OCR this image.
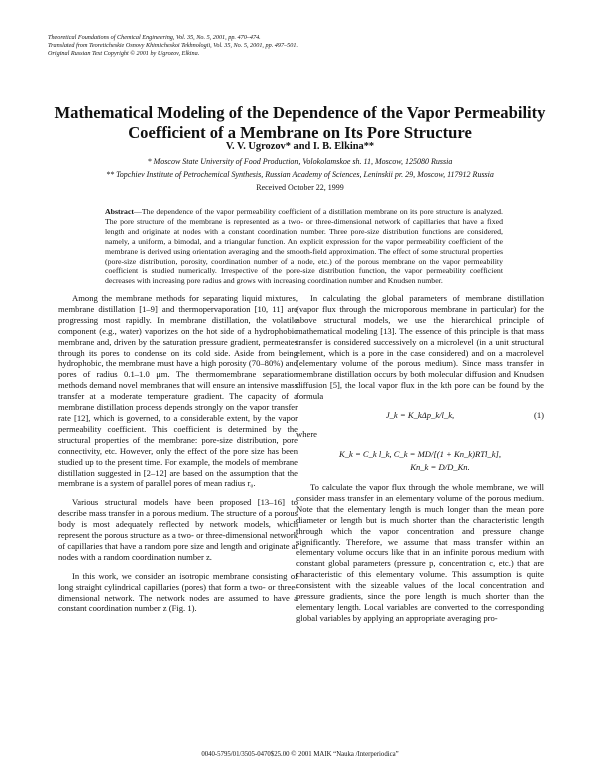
Theoretical Foundations of Chemical Engineering, Vol. 35, No. 5, 2001, pp. 470–474.
Translated from Teoreticheskie Osnovy Khimicheskoi Tekhnologii, Vol. 35, No. 5, 2001, pp. 497–501.
Original Russian Text Copyright © 2001 by Ugrozov, Elkina.
Mathematical Modeling of the Dependence of the Vapor Permeability Coefficient of a Membrane on Its Pore Structure
V. V. Ugrozov* and I. B. Elkina**
* Moscow State University of Food Production, Volokolamskoe sh. 11, Moscow, 125080 Russia
** Topchiev Institute of Petrochemical Synthesis, Russian Academy of Sciences, Leninskii pr. 29, Moscow, 117912 Russia
Received October 22, 1999
Abstract—The dependence of the vapor permeability coefficient of a distillation membrane on its pore structure is analyzed. The pore structure of the membrane is represented as a two- or three-dimensional network of capillaries that have a fixed length and originate at nodes with a constant coordination number. Three pore-size distribution functions are considered, namely, a uniform, a bimodal, and a triangular function. An explicit expression for the vapor permeability coefficient of the membrane is derived using orientation averaging and the smooth-field approximation. The effect of some structural properties (pore-size distribution, porosity, coordination number of a node, etc.) of the porous membrane on the vapor permeability coefficient is studied numerically. Irrespective of the pore-size distribution function, the vapor permeability coefficient decreases with increasing pore radius and grows with increasing coordination number and Knudsen number.

Among the membrane methods for separating liquid mixtures, membrane distillation [1–9] and thermopervaporation [10, 11] are progressing most rapidly. In membrane distillation, the volatile component (e.g., water) vaporizes on the hot side of a hydrophobic membrane and, driven by the saturation pressure gradient, permeates through its pores to condense on its cold side. Aside from being hydrophobic, the membrane must have a high porosity (70–80%) and pores of radius 0.1–1.0 μm. The thermomembrane separation methods demand novel membranes that will ensure an intensive mass transfer at a moderate temperature gradient. The capacity of a membrane distillation process depends strongly on the vapor transfer rate [12], which is governed, to a considerable extent, by the vapor permeability coefficient. This coefficient is determined by the structural properties of the membrane: pore-size distribution, pore connectivity, etc. However, only the effect of the pore size has been studied up to the present time. For example, the models of membrane distillation suggested in [2–12] are based on the assumption that the membrane is a system of parallel pores of mean radius r₀.

Various structural models have been proposed [13–16] to describe mass transfer in a porous medium. The structure of a porous body is most adequately reflected by network models, which represent the porous structure as a two- or three-dimensional network of capillaries that have a random pore size and length and originate at nodes with a random coordination number z.

In this work, we consider an isotropic membrane consisting of long straight cylindrical capillaries (pores) that form a two- or three-dimensional network. The network nodes are assumed to have a constant coordination number z (Fig. 1).

In calculating the global parameters of membrane distillation (vapor flux through the microporous membrane in particular) for the above structural models, we use the hierarchical principle of mathematical modeling [13]. The essence of this principle is that mass transfer is considered successively on a microlevel (in a unit structural element, which is a pore in the case considered) and on a macrolevel (elementary volume of the porous medium). Since mass transfer in membrane distillation occurs by both molecular diffusion and Knudsen diffusion [5], the local vapor flux in the kth pore can be found by the formula

J_k = K_kΔp_k/l_k,	(1)

where

K_k = C_k l_k, C_k = MD/[(1 + Kn_k)RTl_k],
Kn_k = D/D_Kn.

To calculate the vapor flux through the whole membrane, we will consider mass transfer in an elementary volume of the porous medium. Note that the elementary length is much longer than the mean pore diameter or length but is much shorter than the characteristic length through which the vapor concentration and pressure change significantly. Therefore, we assume that mass transfer within an elementary volume occurs like that in an infinite porous medium with constant global parameters (pressure p, concentration c, etc.) that are characteristic of this elementary volume. This assumption is quite consistent with the sizeable values of the local concentration and pressure gradients, since the pore length is much shorter than the elementary length. Local variables are converted to the corresponding global variables by applying an appropriate averaging pro-

0040-5795/01/3505-0470$25.00 © 2001 MAIK “Nauka /Interperiodica”
